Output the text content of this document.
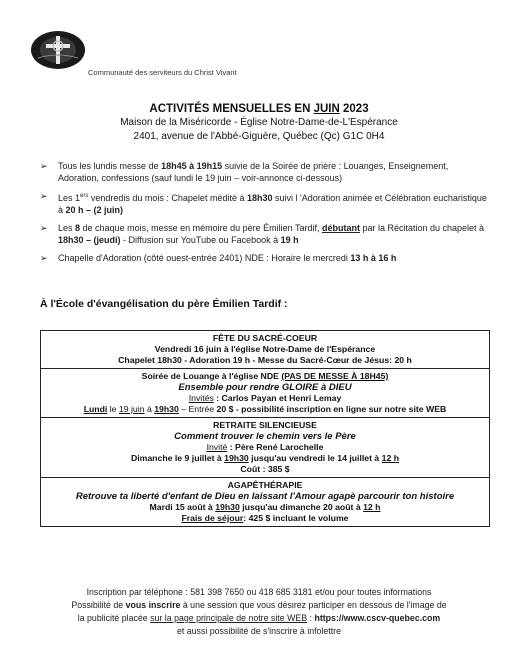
Communauté des serviteurs du Christ Vivant
ACTIVITÉS MENSUELLES EN JUIN 2023
Maison de la Miséricorde - Église Notre-Dame-de-L'Espérance
2401, avenue de l'Abbé-Giguère, Québec (Qc) G1C 0H4
➢ Tous les lundis messe de 18h45 à 19h15 suivie de la Soirée de prière : Louanges, Enseignement, Adoration, confessions (sauf lundi le 19 juin – voir-annonce ci-dessous)
➢ Les 1ers vendredis du mois : Chapelet médité à 18h30 suivi l 'Adoration animée et Célébration eucharistique à 20 h – (2 juin)
➢ Les 8 de chaque mois, messe en mémoire du père Émilien Tardif, débutant par la Récitation du chapelet à 18h30 – (jeudi) - Diffusion sur YouTube ou Facebook à 19 h
➢ Chapelle d'Adoration (côté ouest-entrée 2401) NDE : Horaire le mercredi 13 h à 16 h
À l'École d'évangélisation du père Émilien Tardif :
FÊTE DU SACRÉ-COEUR
Vendredi 16 juin à l'église Notre-Dame de l'Espérance
Chapelet 18h30 - Adoration 19 h - Messe du Sacré-Cœur de Jésus: 20 h

Soirée de Louange à l'église NDE (PAS DE MESSE À 18H45)
Ensemble pour rendre GLOIRE à DIEU
Invités : Carlos Payan et Henri Lemay
Lundi le 19 juin à 19h30 – Entrée 20 $ - possibilité inscription en ligne sur notre site WEB

RETRAITE SILENCIEUSE
Comment trouver le chemin vers le Père
Invité : Père René Larochelle
Dimanche le 9 juillet à 19h30 jusqu'au vendredi le 14 juillet à 12 h
Coût : 385 $

AGAPÊTHÉRAPIE
Retrouve ta liberté d'enfant de Dieu en laissant l'Amour agapè parcourir ton histoire
Mardi 15 août à 19h30 jusqu'au dimanche 20 août à 12 h
Frais de séjour: 425 $ incluant le volume
Inscription par téléphone : 581 398 7650 ou 418 685 3181 et/ou pour toutes informations
Possibilité de vous inscrire à une session que vous désirez participer en dessous de l'image de
la publicité placée sur la page principale de notre site WEB : https://www.cscv-quebec.com
et aussi possibilité de s'inscrire à infolettre
